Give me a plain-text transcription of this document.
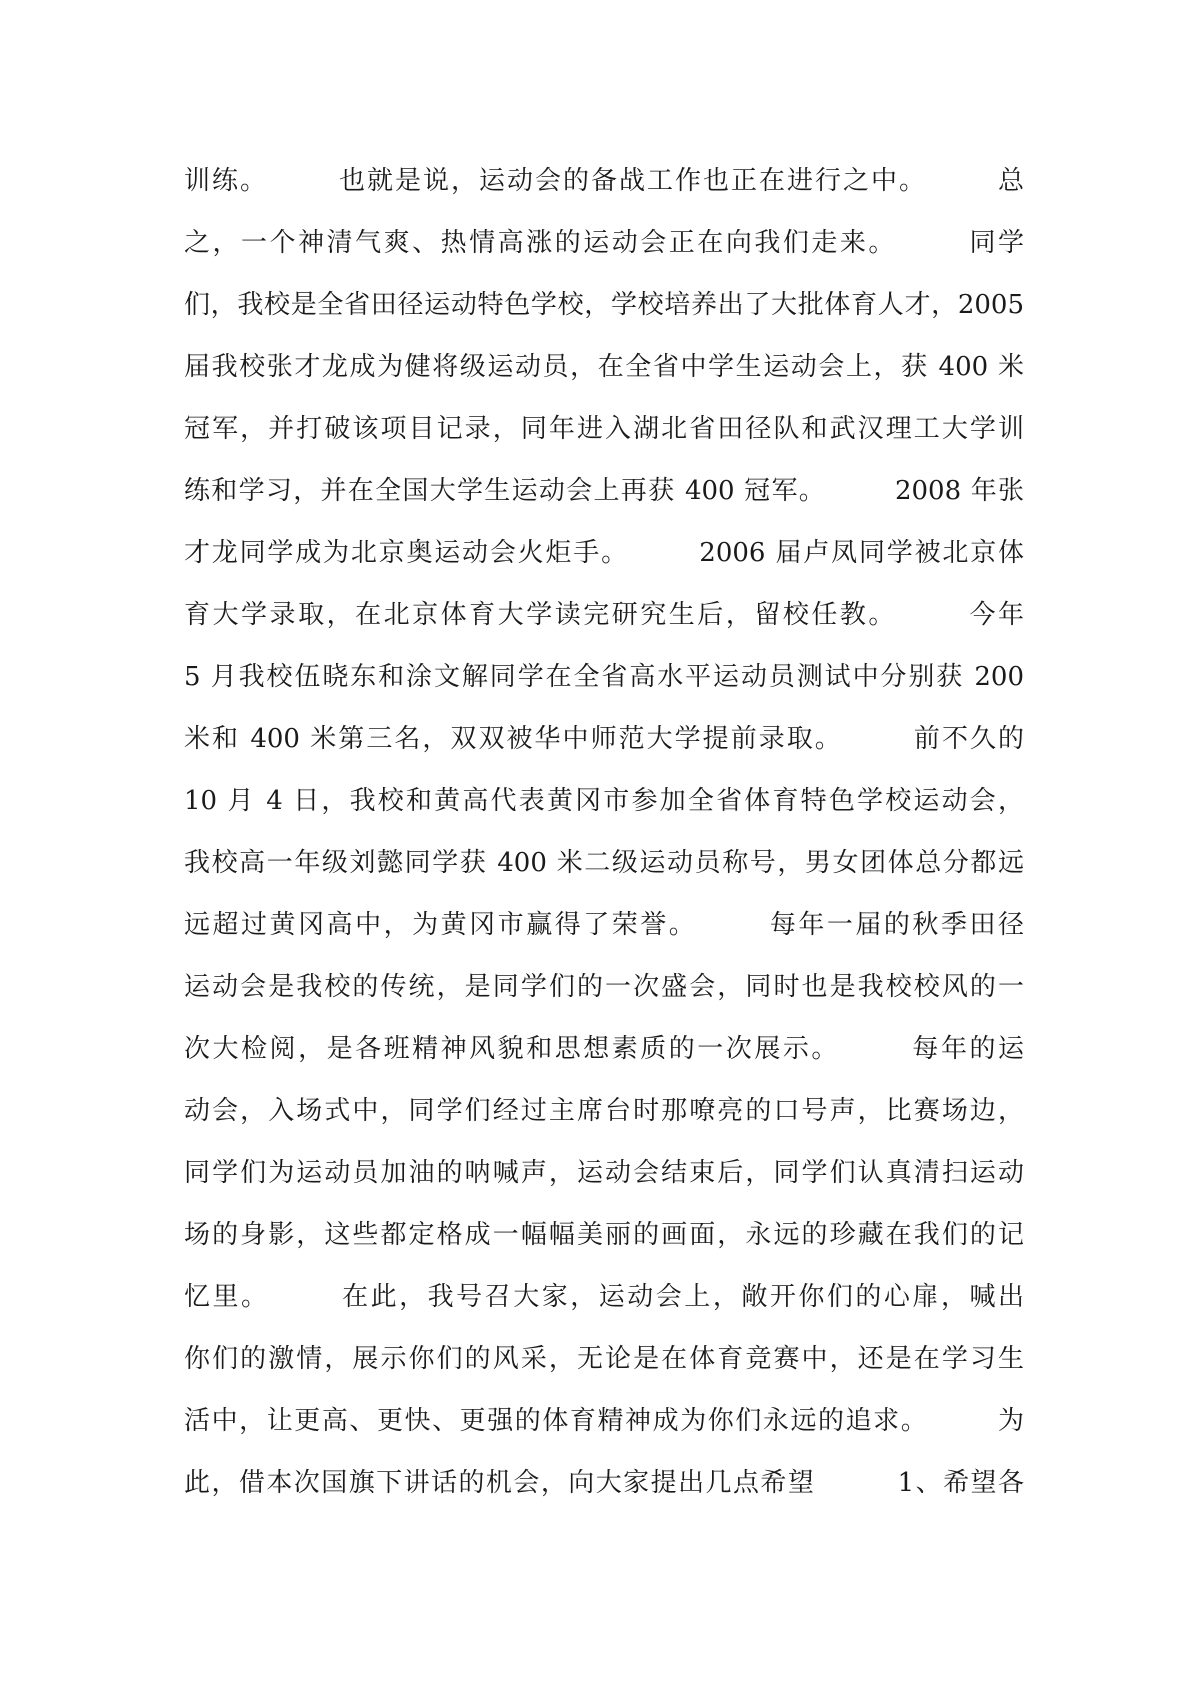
训练。　　　也就是说，运动会的备战工作也正在进行之中。　　　总
之，一个神清气爽、热情高涨的运动会正在向我们走来。　　　同学
们，我校是全省田径运动特色学校，学校培养出了大批体育人才，2005
届我校张才龙成为健将级运动员，在全省中学生运动会上，获 400 米
冠军，并打破该项目记录，同年进入湖北省田径队和武汉理工大学训
练和学习，并在全国大学生运动会上再获 400 冠军。　　　2008 年张
才龙同学成为北京奥运动会火炬手。　　　2006 届卢凤同学被北京体
育大学录取，在北京体育大学读完研究生后，留校任教。　　　今年
5 月我校伍晓东和涂文解同学在全省高水平运动员测试中分别获 200
米和 400 米第三名，双双被华中师范大学提前录取。　　　前不久的
10 月 4 日，我校和黄高代表黄冈市参加全省体育特色学校运动会，
我校高一年级刘懿同学获 400 米二级运动员称号，男女团体总分都远
远超过黄冈高中，为黄冈市赢得了荣誉。　　　每年一届的秋季田径
运动会是我校的传统，是同学们的一次盛会，同时也是我校校风的一
次大检阅，是各班精神风貌和思想素质的一次展示。　　　每年的运
动会，入场式中，同学们经过主席台时那嘹亮的口号声，比赛场边，
同学们为运动员加油的呐喊声，运动会结束后，同学们认真清扫运动
场的身影，这些都定格成一幅幅美丽的画面，永远的珍藏在我们的记
忆里。　　　在此，我号召大家，运动会上，敞开你们的心扉，喊出
你们的激情，展示你们的风采，无论是在体育竞赛中，还是在学习生
活中，让更高、更快、更强的体育精神成为你们永远的追求。　　　为
此，借本次国旗下讲话的机会，向大家提出几点希望　　　1、希望各
